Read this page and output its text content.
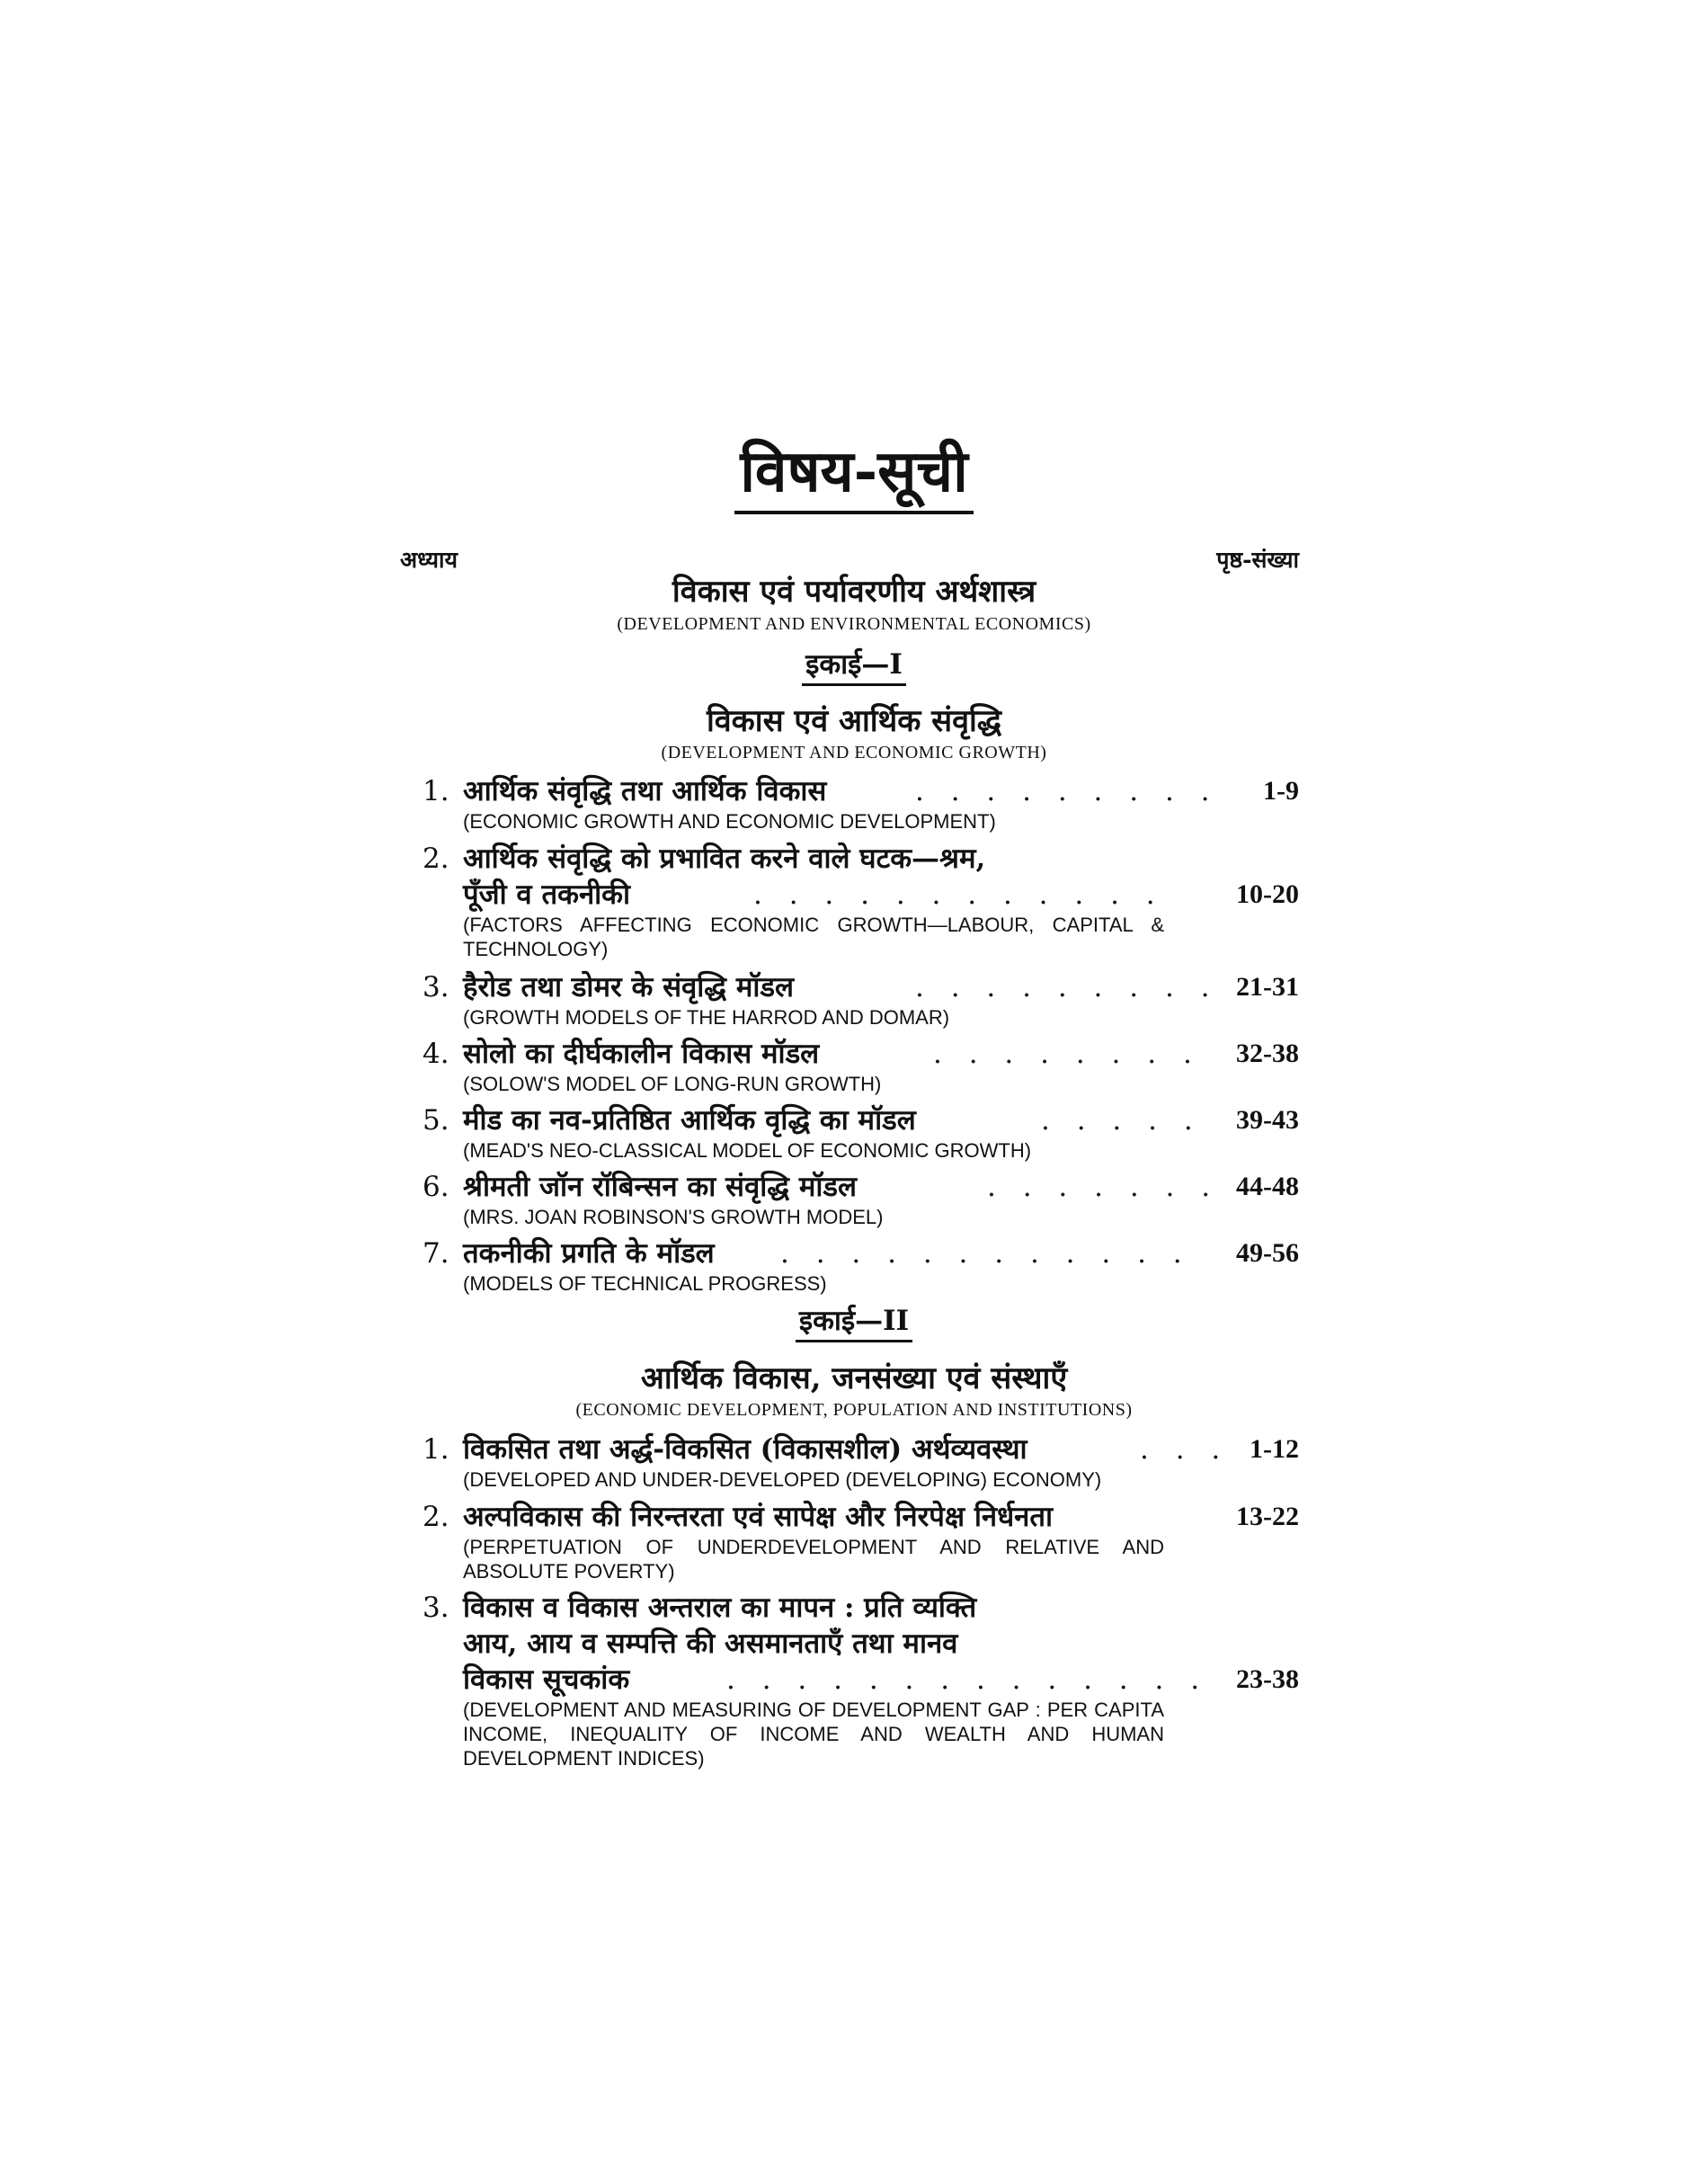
विषय-सूची
अध्याय	पृष्ठ-संख्या
विकास एवं पर्यावरणीय अर्थशास्त्र
(DEVELOPMENT AND ENVIRONMENTAL ECONOMICS)
इकाई—I
विकास एवं आर्थिक संवृद्धि
(DEVELOPMENT AND ECONOMIC GROWTH)
1. आर्थिक संवृद्धि तथा आर्थिक विकास	. . . . . . . . . 1-9
(ECONOMIC GROWTH AND ECONOMIC DEVELOPMENT)
2. आर्थिक संवृद्धि को प्रभावित करने वाले घटक—श्रम,
पूँजी व तकनीकी	. . . . . . . . . . . .	10-20
(FACTORS AFFECTING ECONOMIC GROWTH—LABOUR, CAPITAL & TECHNOLOGY)
3. हैरोड तथा डोमर के संवृद्धि मॉडल	. . . . . . . . . 21-31
(GROWTH MODELS OF THE HARROD AND DOMAR)
4. सोलो का दीर्घकालीन विकास मॉडल	. . . . . . . . 32-38
(SOLOW'S MODEL OF LONG-RUN GROWTH)
5. मीड का नव-प्रतिष्ठित आर्थिक वृद्धि का मॉडल	. . . . . 39-43
(MEAD'S NEO-CLASSICAL MODEL OF ECONOMIC GROWTH)
6. श्रीमती जॉन रॉबिन्सन का संवृद्धि मॉडल	. . . . . . . 44-48
(MRS. JOAN ROBINSON'S GROWTH MODEL)
7. तकनीकी प्रगति के मॉडल . . . . . . . . . . . . 49-56
(MODELS OF TECHNICAL PROGRESS)
इकाई—II
आर्थिक विकास, जनसंख्या एवं संस्थाएँ
(ECONOMIC DEVELOPMENT, POPULATION AND INSTITUTIONS)
1. विकसित तथा अर्द्ध-विकसित (विकासशील) अर्थव्यवस्था	. . . 1-12
(DEVELOPED AND UNDER-DEVELOPED (DEVELOPING) ECONOMY)
2. अल्पविकास की निरन्तरता एवं सापेक्ष और निरपेक्ष निर्धनता	13-22
(PERPETUATION OF UNDERDEVELOPMENT AND RELATIVE AND ABSOLUTE POVERTY)
3. विकास व विकास अन्तराल का मापन : प्रति व्यक्ति
आय, आय व सम्पत्ति की असमानताएँ तथा मानव
विकास सूचकांक	. . . . . . . . . . . . . . 23-38
(DEVELOPMENT AND MEASURING OF DEVELOPMENT GAP : PER CAPITA INCOME, INEQUALITY OF INCOME AND WEALTH AND HUMAN DEVELOPMENT INDICES)
